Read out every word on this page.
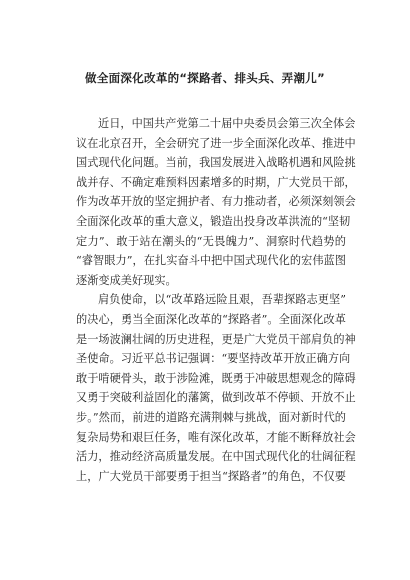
做全面深化改革的“探路者、排头兵、弄潮儿”
近日，中国共产党第二十届中央委员会第三次全体会
议在北京召开，全会研究了进一步全面深化改革、推进中
国式现代化问题。当前，我国发展进入战略机遇和风险挑
战并存、不确定难预料因素增多的时期，广大党员干部，
作为改革开放的坚定拥护者、有力推动者，必须深刻领会
全面深化改革的重大意义，锻造出投身改革洪流的“坚韧
定力”、敢于站在潮头的“无畏魄力”、洞察时代趋势的
“睿智眼力”，在扎实奋斗中把中国式现代化的宏伟蓝图
逐渐变成美好现实。
肩负使命，以“改革路远险且艰，吾辈探路志更坚”
的决心，勇当全面深化改革的“探路者”。全面深化改革
是一场波澜壮阔的历史进程，更是广大党员干部肩负的神
圣使命。习近平总书记强调：“要坚持改革开放正确方向
敢于啃硬骨头，敢于涉险滩，既勇于冲破思想观念的障碍
又勇于突破利益固化的藩篱，做到改革不停顿、开放不止
步。”然而，前进的道路充满荆棘与挑战，面对新时代的
复杂局势和艰巨任务，唯有深化改革，才能不断释放社会
活力，推动经济高质量发展。在中国式现代化的壮阔征程
上，广大党员干部要勇于担当“探路者”的角色，不仅要
